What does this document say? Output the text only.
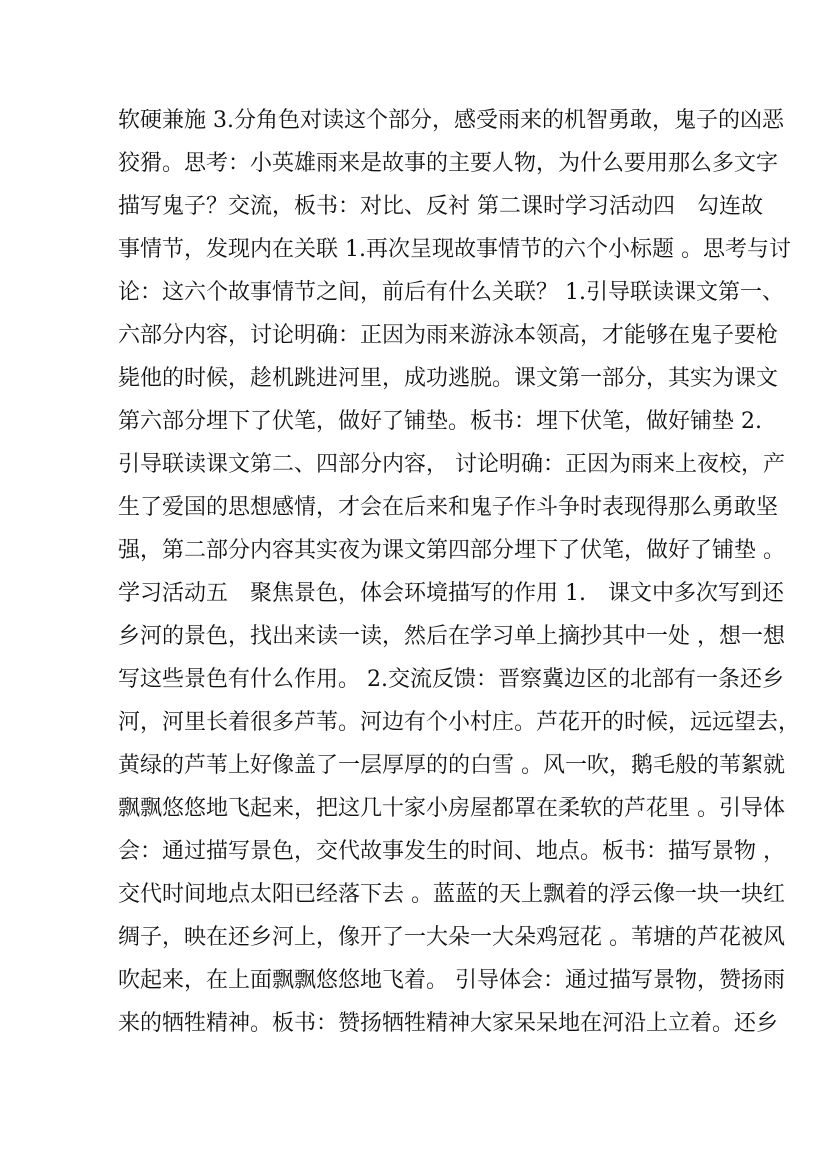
软硬兼施 3.分角色对读这个部分，感受雨来的机智勇敢，鬼子的凶恶
狡猾。思考：小英雄雨来是故事的主要人物，为什么要用那么多文字
描写鬼子？交流，板书：对比、反衬 第二课时学习活动四　勾连故
事情节，发现内在关联 1.再次呈现故事情节的六个小标题 。思考与讨
论：这六个故事情节之间，前后有什么关联？ 1.引导联读课文第一、
六部分内容，讨论明确：正因为雨来游泳本领高，才能够在鬼子要枪
毙他的时候，趁机跳进河里，成功逃脱。课文第一部分，其实为课文
第六部分埋下了伏笔，做好了铺垫。板书：埋下伏笔，做好铺垫 2.
引导联读课文第二、四部分内容， 讨论明确：正因为雨来上夜校，产
生了爱国的思想感情，才会在后来和鬼子作斗争时表现得那么勇敢坚
强，第二部分内容其实夜为课文第四部分埋下了伏笔，做好了铺垫 。
学习活动五　聚焦景色，体会环境描写的作用 1.　课文中多次写到还
乡河的景色，找出来读一读，然后在学习单上摘抄其中一处 ，想一想
写这些景色有什么作用。 2.交流反馈：晋察冀边区的北部有一条还乡
河，河里长着很多芦苇。河边有个小村庄。芦花开的时候，远远望去，
黄绿的芦苇上好像盖了一层厚厚的的白雪 。风一吹，鹅毛般的苇絮就
飘飘悠悠地飞起来，把这几十家小房屋都罩在柔软的芦花里 。引导体
会：通过描写景色，交代故事发生的时间、地点。板书：描写景物 ，
交代时间地点太阳已经落下去 。蓝蓝的天上飘着的浮云像一块一块红
绸子，映在还乡河上，像开了一大朵一大朵鸡冠花 。苇塘的芦花被风
吹起来，在上面飘飘悠悠地飞着。 引导体会：通过描写景物，赞扬雨
来的牺牲精神。板书：赞扬牺牲精神大家呆呆地在河沿上立着。还乡
